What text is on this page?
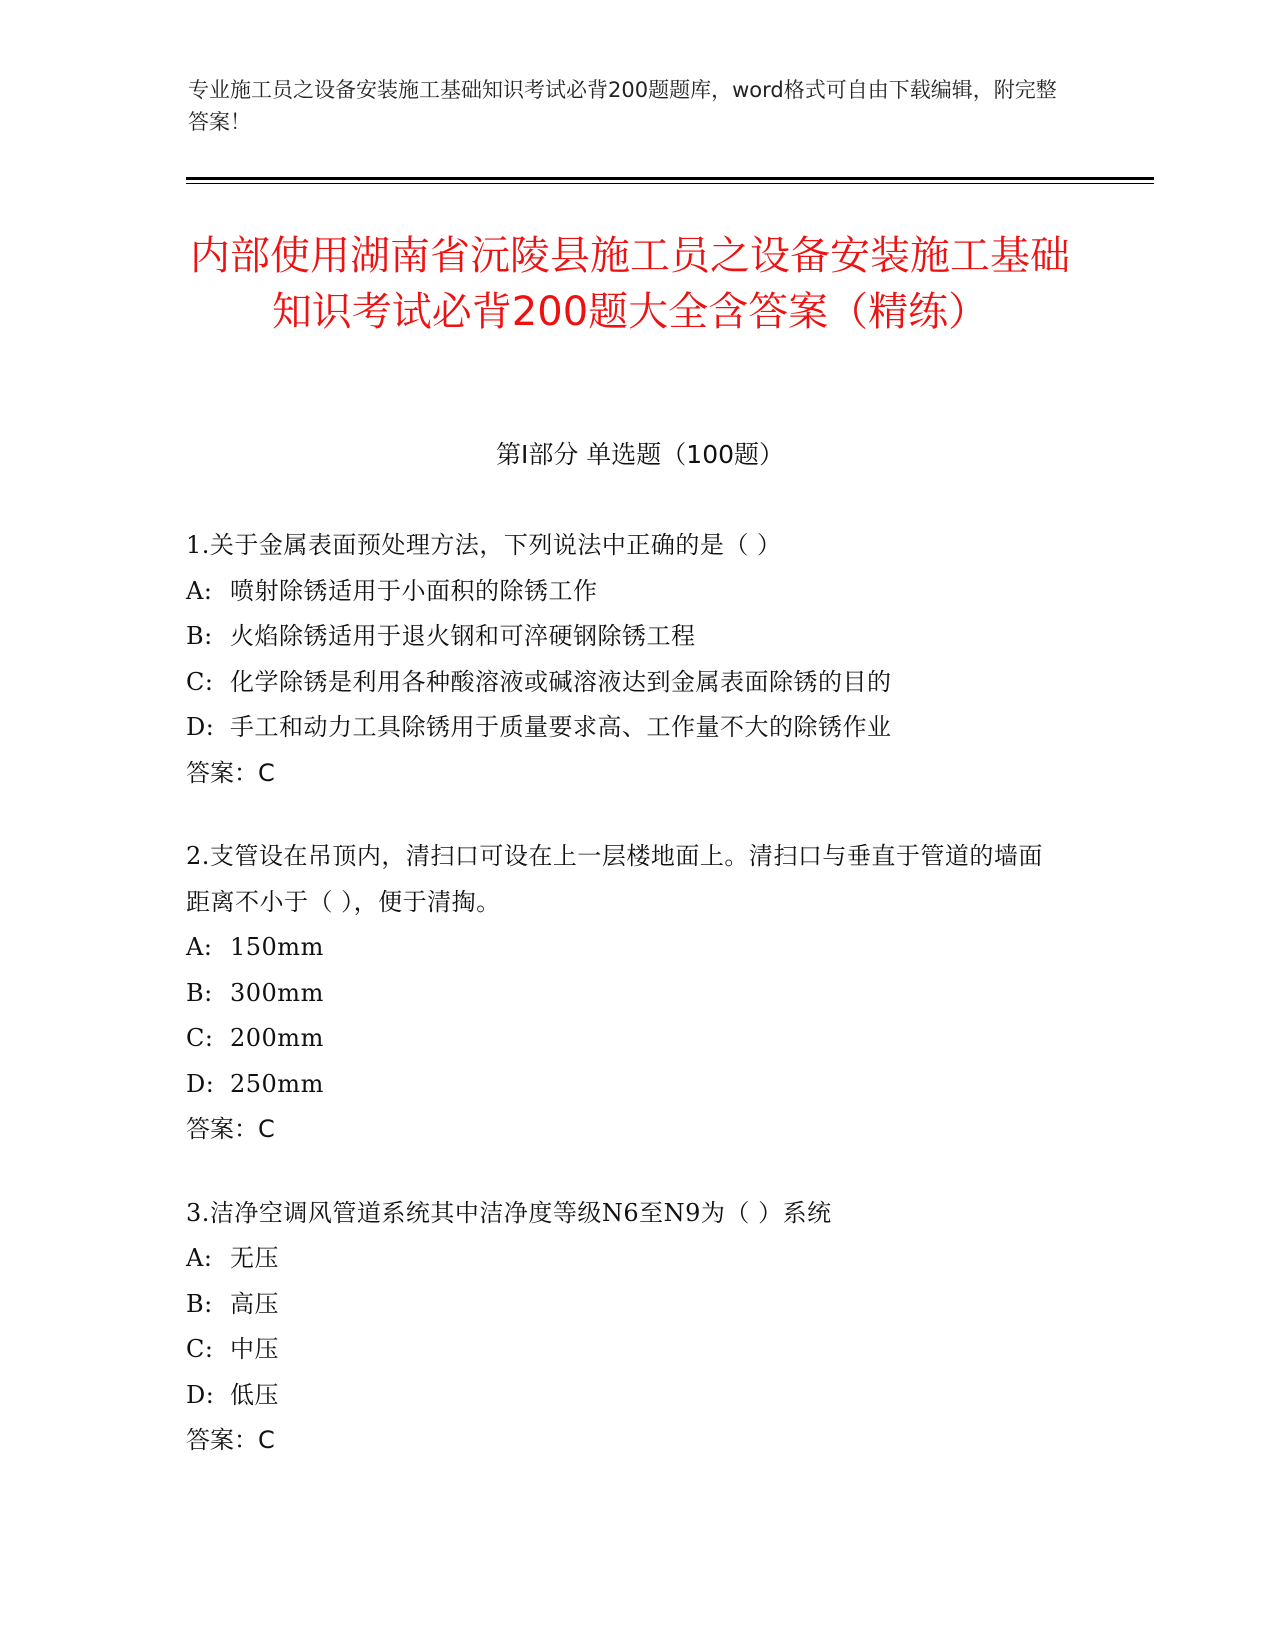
专业施工员之设备安装施工基础知识考试必背200题题库，word格式可自由下载编辑，附完整答案！
内部使用湖南省沅陵县施工员之设备安装施工基础知识考试必背200题大全含答案（精练）
第Ⅰ部分 单选题（100题）
1.关于金属表面预处理方法，下列说法中正确的是（ ）
A: 喷射除锈适用于小面积的除锈工作
B: 火焰除锈适用于退火钢和可淬硬钢除锈工程
C: 化学除锈是利用各种酸溶液或碱溶液达到金属表面除锈的目的
D: 手工和动力工具除锈用于质量要求高、工作量不大的除锈作业
答案：C
2.支管设在吊顶内，清扫口可设在上一层楼地面上。清扫口与垂直于管道的墙面距离不小于（ ），便于清掏。
A: 150mm
B: 300mm
C: 200mm
D: 250mm
答案：C
3.洁净空调风管道系统其中洁净度等级N6至N9为（ ）系统
A: 无压
B: 高压
C: 中压
D: 低压
答案：C
